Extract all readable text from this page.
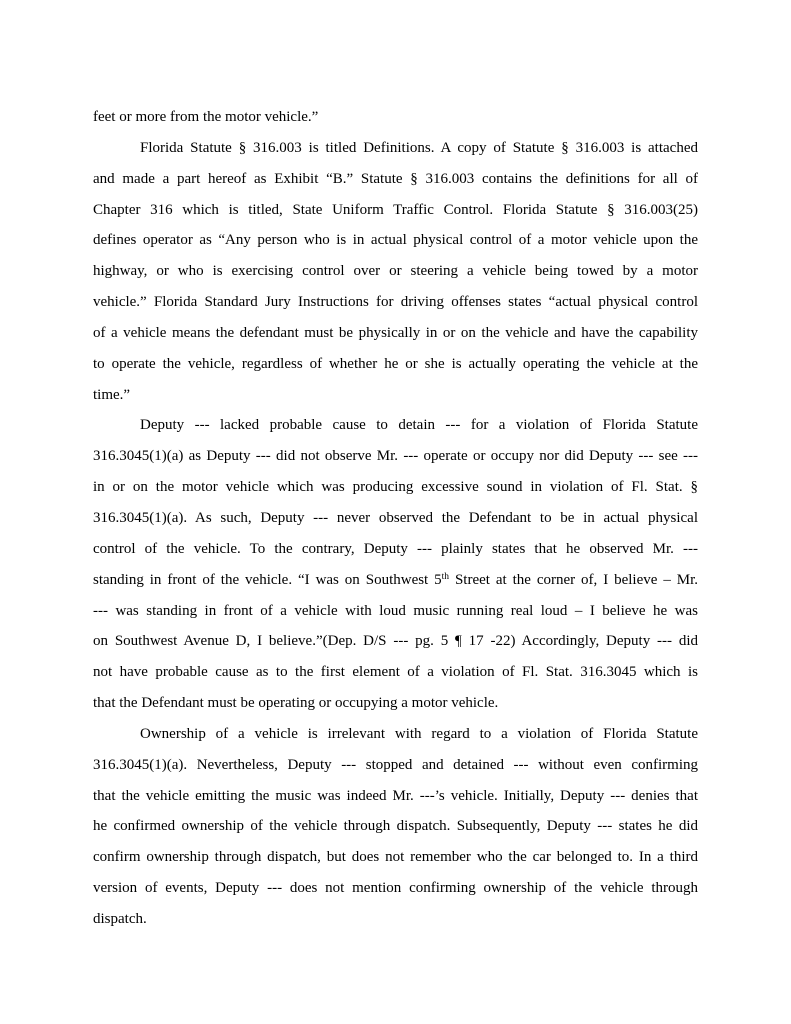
feet or more from the motor vehicle.”
Florida Statute § 316.003 is titled Definitions. A copy of Statute § 316.003 is attached
and made a part hereof as Exhibit “B.” Statute § 316.003 contains the definitions for all of
Chapter 316 which is titled, State Uniform Traffic Control. Florida Statute § 316.003(25)
defines operator as “Any person who is in actual physical control of a motor vehicle upon the
highway, or who is exercising control over or steering a vehicle being towed by a motor
vehicle.” Florida Standard Jury Instructions for driving offenses states “actual physical control
of a vehicle means the defendant must be physically in or on the vehicle and have the capability
to operate the vehicle, regardless of whether he or she is actually operating the vehicle at the
time.”
Deputy --- lacked probable cause to detain --- for a violation of Florida Statute
316.3045(1)(a) as Deputy --- did not observe Mr. --- operate or occupy nor did Deputy --- see ---
in or on the motor vehicle which was producing excessive sound in violation of Fl. Stat. §
316.3045(1)(a). As such, Deputy --- never observed the Defendant to be in actual physical
control of the vehicle. To the contrary, Deputy --- plainly states that he observed Mr. ---
standing in front of the vehicle. “I was on Southwest 5th Street at the corner of, I believe – Mr.
--- was standing in front of a vehicle with loud music running real loud – I believe he was
on Southwest Avenue D, I believe.”(Dep. D/S --- pg. 5 ¶ 17 -22) Accordingly, Deputy --- did
not have probable cause as to the first element of a violation of Fl. Stat. 316.3045 which is
that the Defendant must be operating or occupying a motor vehicle.
Ownership of a vehicle is irrelevant with regard to a violation of Florida Statute
316.3045(1)(a). Nevertheless, Deputy --- stopped and detained --- without even confirming
that the vehicle emitting the music was indeed Mr. ---’s vehicle. Initially, Deputy --- denies that
he confirmed ownership of the vehicle through dispatch. Subsequently, Deputy --- states he did
confirm ownership through dispatch, but does not remember who the car belonged to. In a third
version of events, Deputy --- does not mention confirming ownership of the vehicle through
dispatch.
